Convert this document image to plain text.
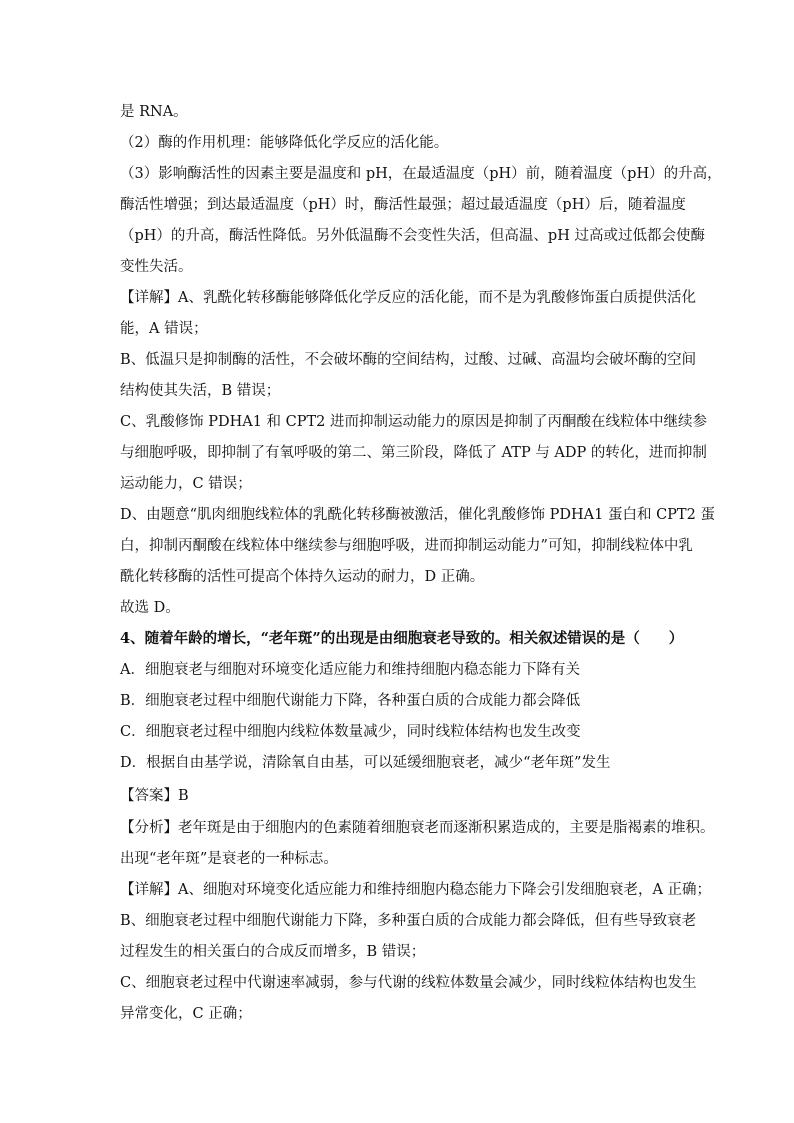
是 RNA。
（2）酶的作用机理：能够降低化学反应的活化能。
（3）影响酶活性的因素主要是温度和 pH，在最适温度（pH）前，随着温度（pH）的升高，
酶活性增强；到达最适温度（pH）时，酶活性最强；超过最适温度（pH）后，随着温度
（pH）的升高，酶活性降低。另外低温酶不会变性失活，但高温、pH 过高或过低都会使酶
变性失活。
【详解】A、乳酰化转移酶能够降低化学反应的活化能，而不是为乳酸修饰蛋白质提供活化
能，A 错误；
B、低温只是抑制酶的活性，不会破坏酶的空间结构，过酸、过碱、高温均会破坏酶的空间
结构使其失活，B 错误；
C、乳酸修饰 PDHA1 和 CPT2 进而抑制运动能力的原因是抑制了丙酮酸在线粒体中继续参
与细胞呼吸，即抑制了有氧呼吸的第二、第三阶段，降低了 ATP 与 ADP 的转化，进而抑制
运动能力，C 错误；
D、由题意“肌肉细胞线粒体的乳酰化转移酶被激活，催化乳酸修饰 PDHA1 蛋白和 CPT2 蛋
白，抑制丙酮酸在线粒体中继续参与细胞呼吸，进而抑制运动能力”可知，抑制线粒体中乳
酰化转移酶的活性可提高个体持久运动的耐力，D 正确。
故选 D。
4、随着年龄的增长，“老年斑”的出现是由细胞衰老导致的。相关叙述错误的是（　　）
A．细胞衰老与细胞对环境变化适应能力和维持细胞内稳态能力下降有关
B．细胞衰老过程中细胞代谢能力下降，各种蛋白质的合成能力都会降低
C．细胞衰老过程中细胞内线粒体数量减少，同时线粒体结构也发生改变
D．根据自由基学说，清除氧自由基，可以延缓细胞衰老，减少“老年斑”发生
【答案】B
【分析】老年斑是由于细胞内的色素随着细胞衰老而逐渐积累造成的，主要是脂褐素的堆积。
出现“老年斑”是衰老的一种标志。
【详解】A、细胞对环境变化适应能力和维持细胞内稳态能力下降会引发细胞衰老，A 正确；
B、细胞衰老过程中细胞代谢能力下降，多种蛋白质的合成能力都会降低，但有些导致衰老
过程发生的相关蛋白的合成反而增多，B 错误；
C、细胞衰老过程中代谢速率减弱，参与代谢的线粒体数量会减少，同时线粒体结构也发生
异常变化，C 正确；
